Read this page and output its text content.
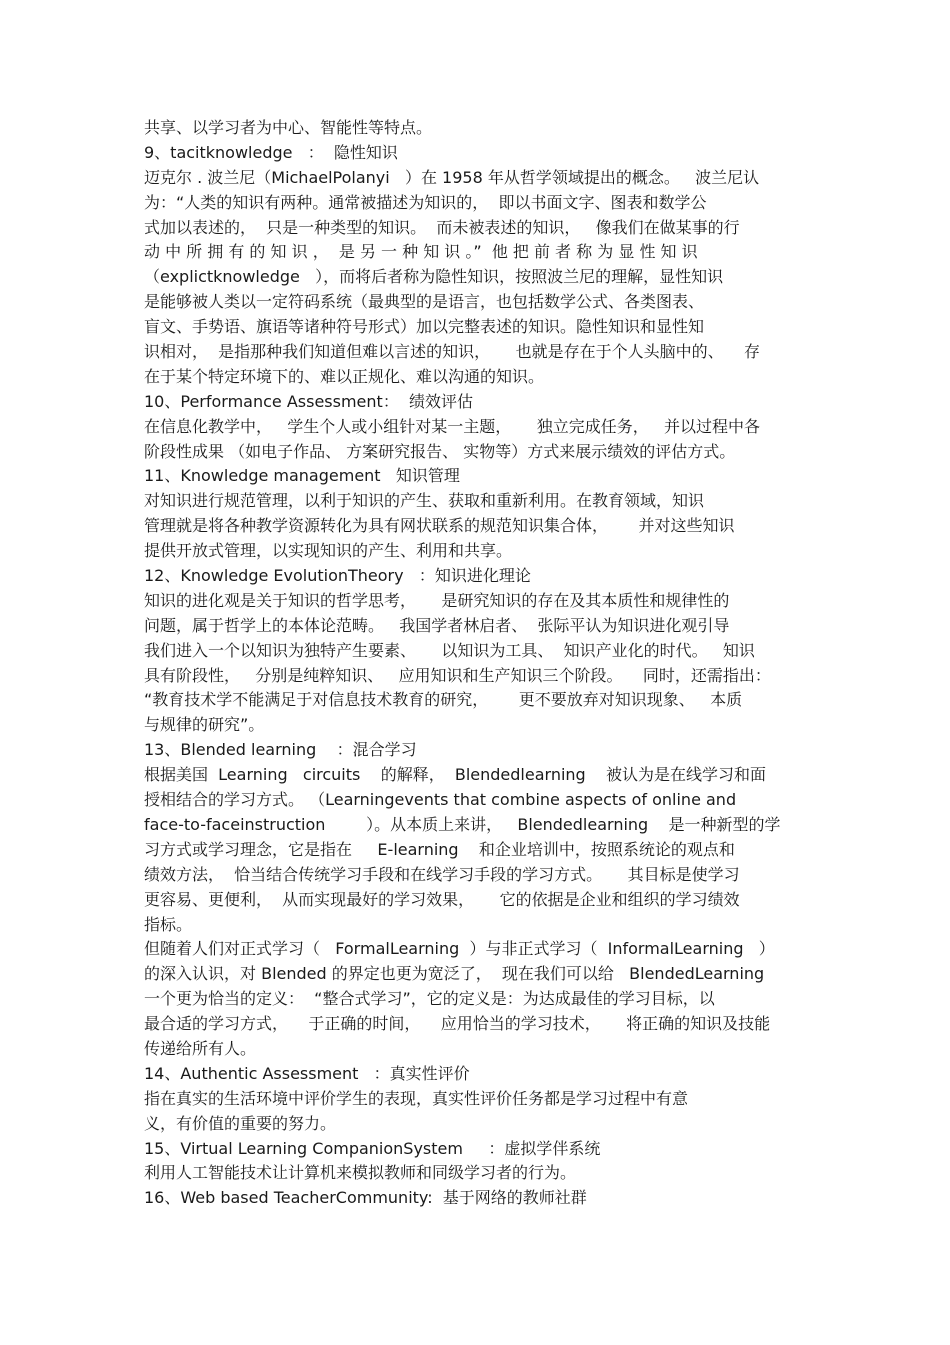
共享、以学习者为中心、智能性等特点。
9、tacitknowledge   ：  隐性知识
迈克尔 . 波兰尼（MichaelPolanyi   ）在 1958 年从哲学领域提出的概念。   波兰尼认
为：“人类的知识有两种。通常被描述为知识的，  即以书面文字、图表和数学公
式加以表述的，  只是一种类型的知识。  而未被表述的知识，   像我们在做某事的行
动 中 所 拥 有 的 知 识 ，  是 另 一 种 知 识 。”  他 把 前 者 称 为 显 性 知 识
（explictknowledge   ），而将后者称为隐性知识，按照波兰尼的理解，显性知识
是能够被人类以一定符码系统（最典型的是语言，也包括数学公式、各类图表、
盲文、手势语、旗语等诸种符号形式）加以完整表述的知识。隐性知识和显性知
识相对，  是指那种我们知道但难以言述的知识，     也就是存在于个人头脑中的、    存
在于某个特定环境下的、难以正规化、难以沟通的知识。
10、Performance Assessment：  绩效评估
在信息化教学中，   学生个人或小组针对某一主题，     独立完成任务，   并以过程中各
阶段性成果 （如电子作品、 方案研究报告、 实物等）方式来展示绩效的评估方式。
11、Knowledge management   知识管理
对知识进行规范管理，以利于知识的产生、获取和重新利用。在教育领域，知识
管理就是将各种教学资源转化为具有网状联系的规范知识集合体，      并对这些知识
提供开放式管理，以实现知识的产生、利用和共享。
12、Knowledge EvolutionTheory   ：知识进化理论
知识的进化观是关于知识的哲学思考，     是研究知识的存在及其本质性和规律性的
问题，属于哲学上的本体论范畴。   我国学者林启者、  张际平认为知识进化观引导
我们进入一个以知识为独特产生要素、     以知识为工具、  知识产业化的时代。   知识
具有阶段性，   分别是纯粹知识、   应用知识和生产知识三个阶段。    同时，还需指出：
“教育技术学不能满足于对信息技术教育的研究，      更不要放弃对知识现象、   本质
与规律的研究”。
13、Blended learning    ：混合学习
根据美国  Learning   circuits    的解释，  Blendedlearning    被认为是在线学习和面
授相结合的学习方式。 （Learningevents that combine aspects of online and
face-to-faceinstruction        ）。从本质上来讲，   Blendedlearning    是一种新型的学
习方式或学习理念，它是指在     E-learning    和企业培训中，按照系统论的观点和
绩效方法，  恰当结合传统学习手段和在线学习手段的学习方式。     其目标是使学习
更容易、更便利，  从而实现最好的学习效果，     它的依据是企业和组织的学习绩效
指标。
但随着人们对正式学习（   FormalLearning  ）与非正式学习（  InformalLearning   ）
的深入认识，对 Blended 的界定也更为宽泛了，  现在我们可以给   BlendedLearning
一个更为恰当的定义：  “整合式学习”，它的定义是：为达成最佳的学习目标，以
最合适的学习方式，    于正确的时间，    应用恰当的学习技术，     将正确的知识及技能
传递给所有人。
14、Authentic Assessment   ：真实性评价
指在真实的生活环境中评价学生的表现，真实性评价任务都是学习过程中有意
义，有价值的重要的努力。
15、Virtual Learning CompanionSystem     ：虚拟学伴系统
利用人工智能技术让计算机来模拟教师和同级学习者的行为。
16、Web based TeacherCommunity:  基于网络的教师社群
